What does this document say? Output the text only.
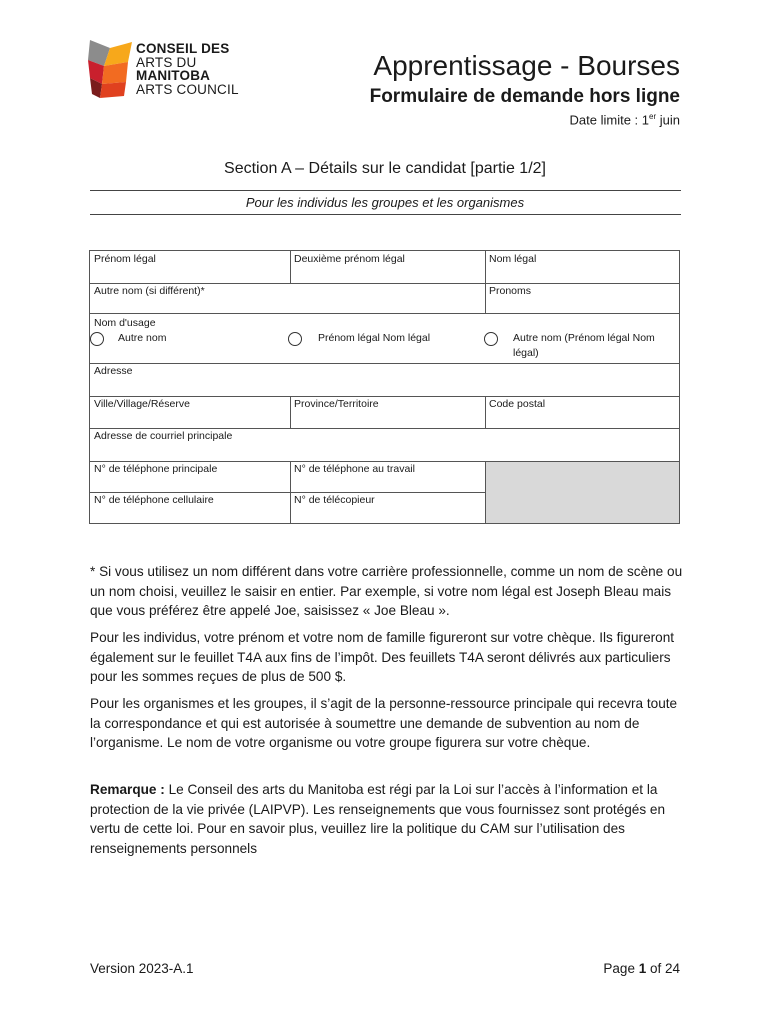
CONSEIL DES
ARTS DU
MANITOBA
ARTS COUNCIL
Apprentissage - Bourses
Formulaire de demande hors ligne
Date limite : 1er juin
Section A – Détails sur le candidat [partie 1/2]
Pour les individus les groupes et les organismes
Prénom légal	Deuxième prénom légal	Nom légal
Autre nom (si différent)*	Pronoms
Nom d'usage
Autre nom	Prénom légal Nom légal	Autre nom (Prénom légal Nom légal)
Adresse
Ville/Village/Réserve	Province/Territoire	Code postal
Adresse de courriel principale
N° de téléphone principale	N° de téléphone au travail
N° de téléphone cellulaire	N° de télécopieur
* Si vous utilisez un nom différent dans votre carrière professionnelle, comme un nom de scène ou un nom choisi, veuillez le saisir en entier. Par exemple, si votre nom légal est Joseph Bleau mais que vous préférez être appelé Joe, saisissez « Joe Bleau ».
Pour les individus, votre prénom et votre nom de famille figureront sur votre chèque. Ils figureront également sur le feuillet T4A aux fins de l’impôt. Des feuillets T4A seront délivrés aux particuliers pour les sommes reçues de plus de 500 $.
Pour les organismes et les groupes, il s’agit de la personne-ressource principale qui recevra toute la correspondance et qui est autorisée à soumettre une demande de subvention au nom de l’organisme. Le nom de votre organisme ou votre groupe figurera sur votre chèque.
Remarque : Le Conseil des arts du Manitoba est régi par la Loi sur l’accès à l’information et la protection de la vie privée (LAIPVP). Les renseignements que vous fournissez sont protégés en vertu de cette loi. Pour en savoir plus, veuillez lire la politique du CAM sur l’utilisation des renseignements personnels
Version 2023-A.1	Page 1 of 24
